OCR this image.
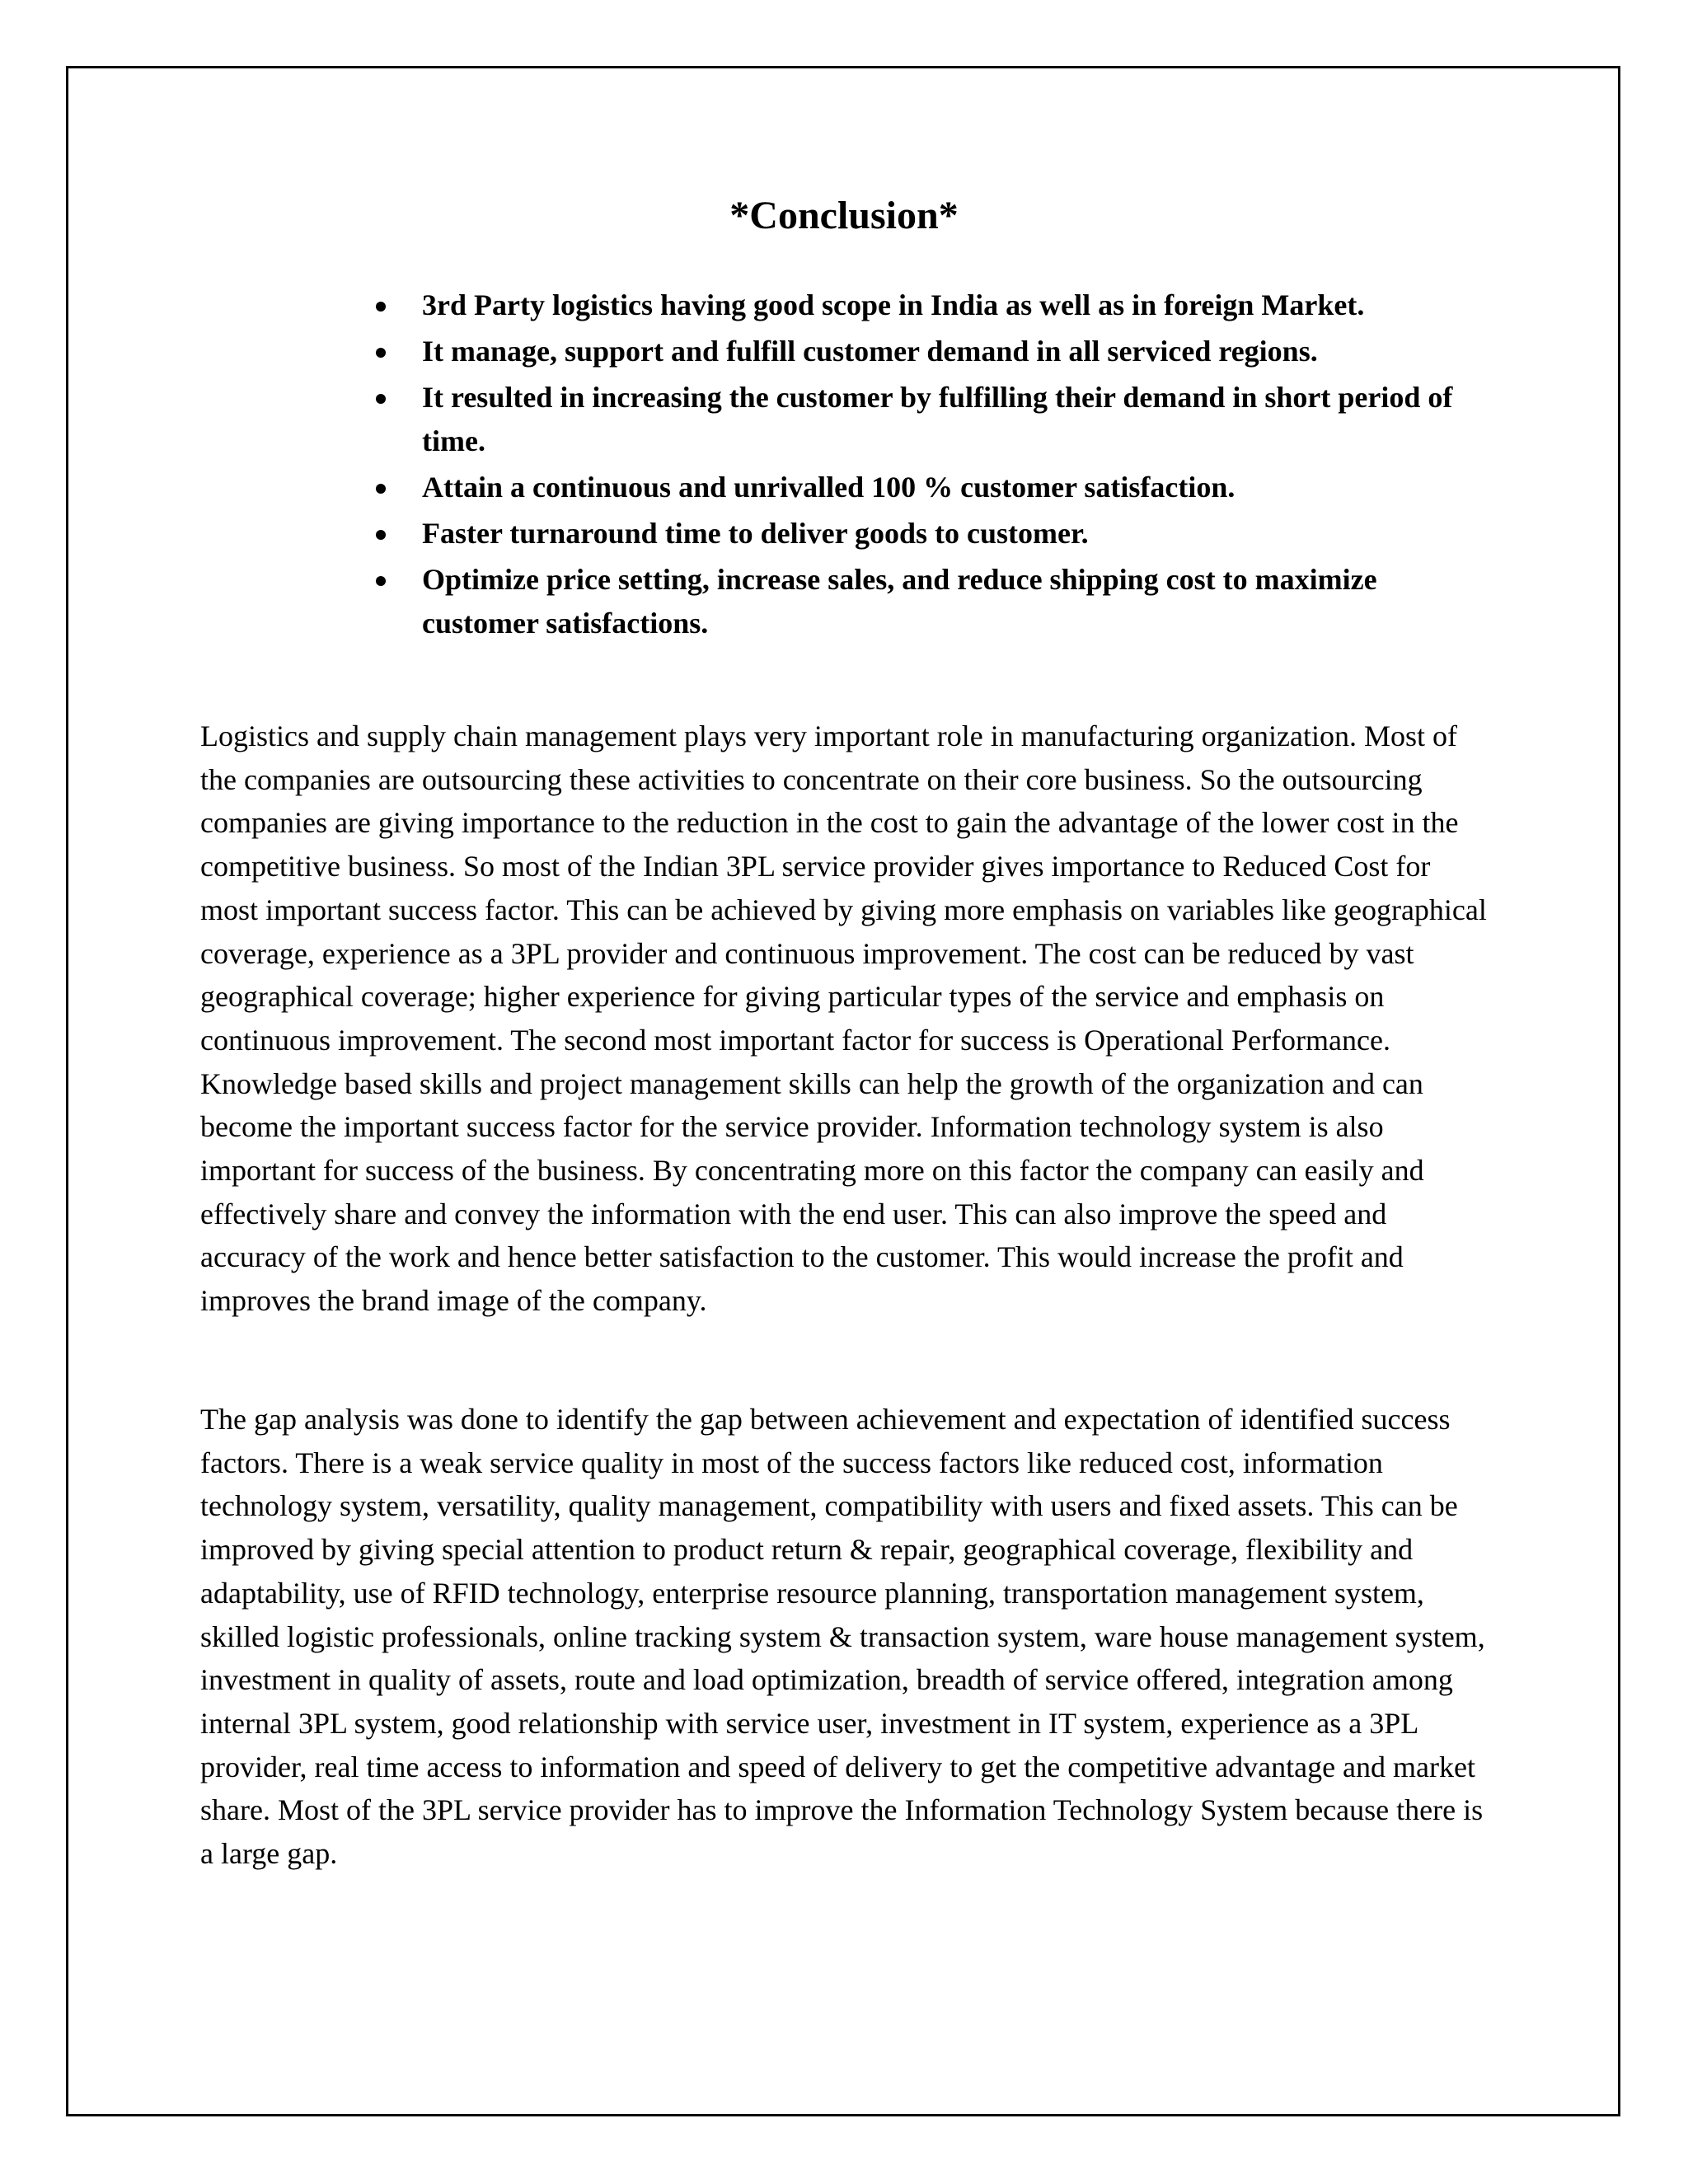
*Conclusion*
3rd Party logistics having good scope in India as well as in foreign Market.
It manage, support and fulfill customer demand in all serviced regions.
It resulted in increasing the customer by fulfilling their demand in short period of time.
Attain a continuous and unrivalled 100 % customer satisfaction.
Faster turnaround time to deliver goods to customer.
Optimize price setting, increase sales, and reduce shipping cost to maximize customer satisfactions.

Logistics and supply chain management plays very important role in manufacturing organization. Most of the companies are outsourcing these activities to concentrate on their core business. So the outsourcing companies are giving importance to the reduction in the cost to gain the advantage of the lower cost in the competitive business. So most of the Indian 3PL service provider gives importance to Reduced Cost for most important success factor. This can be achieved by giving more emphasis on variables like geographical coverage, experience as a 3PL provider and continuous improvement. The cost can be reduced by vast geographical coverage; higher experience for giving particular types of the service and emphasis on continuous improvement. The second most important factor for success is Operational Performance. Knowledge based skills and project management skills can help the growth of the organization and can become the important success factor for the service provider. Information technology system is also important for success of the business. By concentrating more on this factor the company can easily and effectively share and convey the information with the end user. This can also improve the speed and accuracy of the work and hence better satisfaction to the customer. This would increase the profit and improves the brand image of the company.

The gap analysis was done to identify the gap between achievement and expectation of identified success factors. There is a weak service quality in most of the success factors like reduced cost, information technology system, versatility, quality management, compatibility with users and fixed assets. This can be improved by giving special attention to product return & repair, geographical coverage, flexibility and adaptability, use of RFID technology, enterprise resource planning, transportation management system, skilled logistic professionals, online tracking system & transaction system, ware house management system, investment in quality of assets, route and load optimization, breadth of service offered, integration among internal 3PL system, good relationship with service user, investment in IT system, experience as a 3PL provider, real time access to information and speed of delivery to get the competitive advantage and market share. Most of the 3PL service provider has to improve the Information Technology System because there is a large gap.
